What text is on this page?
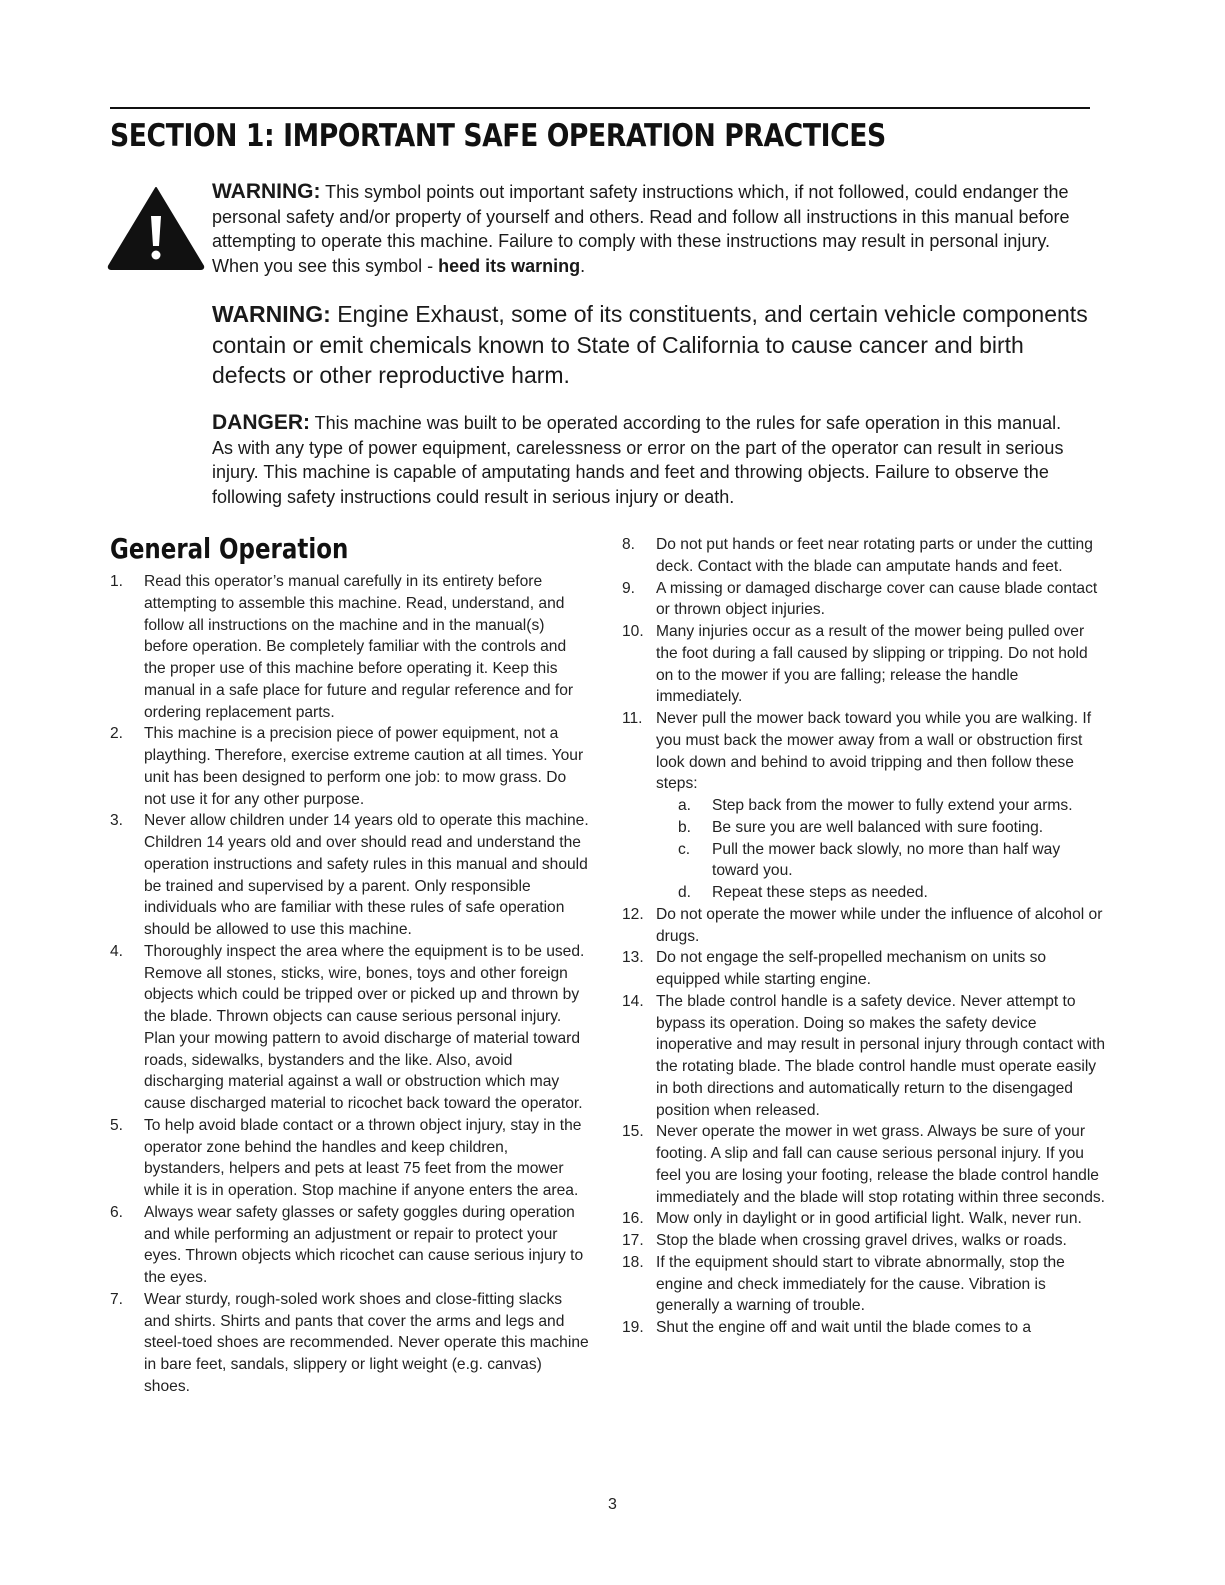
SECTION 1: IMPORTANT SAFE OPERATION PRACTICES
WARNING: This symbol points out important safety instructions which, if not followed, could endanger the personal safety and/or property of yourself and others. Read and follow all instructions in this manual before attempting to operate this machine. Failure to comply with these instructions may result in personal injury. When you see this symbol - heed its warning.
WARNING: Engine Exhaust, some of its constituents, and certain vehicle components contain or emit chemicals known to State of California to cause cancer and birth defects or other reproductive harm.
DANGER: This machine was built to be operated according to the rules for safe operation in this manual. As with any type of power equipment, carelessness or error on the part of the operator can result in serious injury. This machine is capable of amputating hands and feet and throwing objects. Failure to observe the following safety instructions could result in serious injury or death.
General Operation
1.	Read this operator’s manual carefully in its entirety before attempting to assemble this machine. Read, understand, and follow all instructions on the machine and in the manual(s) before operation. Be completely familiar with the controls and the proper use of this machine before operating it. Keep this manual in a safe place for future and regular reference and for ordering replacement parts.
2.	This machine is a precision piece of power equipment, not a plaything. Therefore, exercise extreme caution at all times. Your unit has been designed to perform one job: to mow grass. Do not use it for any other purpose.
3.	Never allow children under 14 years old to operate this machine. Children 14 years old and over should read and understand the operation instructions and safety rules in this manual and should be trained and supervised by a parent. Only responsible individuals who are familiar with these rules of safe operation should be allowed to use this machine.
4.	Thoroughly inspect the area where the equipment is to be used. Remove all stones, sticks, wire, bones, toys and other foreign objects which could be tripped over or picked up and thrown by the blade. Thrown objects can cause serious personal injury. Plan your mowing pattern to avoid discharge of material toward roads, sidewalks, bystanders and the like. Also, avoid discharging material against a wall or obstruction which may cause discharged material to ricochet back toward the operator.
5.	To help avoid blade contact or a thrown object injury, stay in the operator zone behind the handles and keep children, bystanders, helpers and pets at least 75 feet from the mower while it is in operation. Stop machine if anyone enters the area.
6.	Always wear safety glasses or safety goggles during operation and while performing an adjustment or repair to protect your eyes. Thrown objects which ricochet can cause serious injury to the eyes.
7.	Wear sturdy, rough-soled work shoes and close-fitting slacks and shirts. Shirts and pants that cover the arms and legs and steel-toed shoes are recommended. Never operate this machine in bare feet, sandals, slippery or light weight (e.g. canvas) shoes.
8.	Do not put hands or feet near rotating parts or under the cutting deck. Contact with the blade can amputate hands and feet.
9.	A missing or damaged discharge cover can cause blade contact or thrown object injuries.
10. Many injuries occur as a result of the mower being pulled over the foot during a fall caused by slipping or tripping. Do not hold on to the mower if you are falling; release the handle immediately.
11. Never pull the mower back toward you while you are walking. If you must back the mower away from a wall or obstruction first look down and behind to avoid tripping and then follow these steps:
a. Step back from the mower to fully extend your arms.
b. Be sure you are well balanced with sure footing.
c. Pull the mower back slowly, no more than half way toward you.
d. Repeat these steps as needed.
12. Do not operate the mower while under the influence of alcohol or drugs.
13. Do not engage the self-propelled mechanism on units so equipped while starting engine.
14. The blade control handle is a safety device. Never attempt to bypass its operation. Doing so makes the safety device inoperative and may result in personal injury through contact with the rotating blade. The blade control handle must operate easily in both directions and automatically return to the disengaged position when released.
15. Never operate the mower in wet grass. Always be sure of your footing. A slip and fall can cause serious personal injury. If you feel you are losing your footing, release the blade control handle immediately and the blade will stop rotating within three seconds.
16. Mow only in daylight or in good artificial light. Walk, never run.
17. Stop the blade when crossing gravel drives, walks or roads.
18. If the equipment should start to vibrate abnormally, stop the engine and check immediately for the cause. Vibration is generally a warning of trouble.
19. Shut the engine off and wait until the blade comes to a
3
